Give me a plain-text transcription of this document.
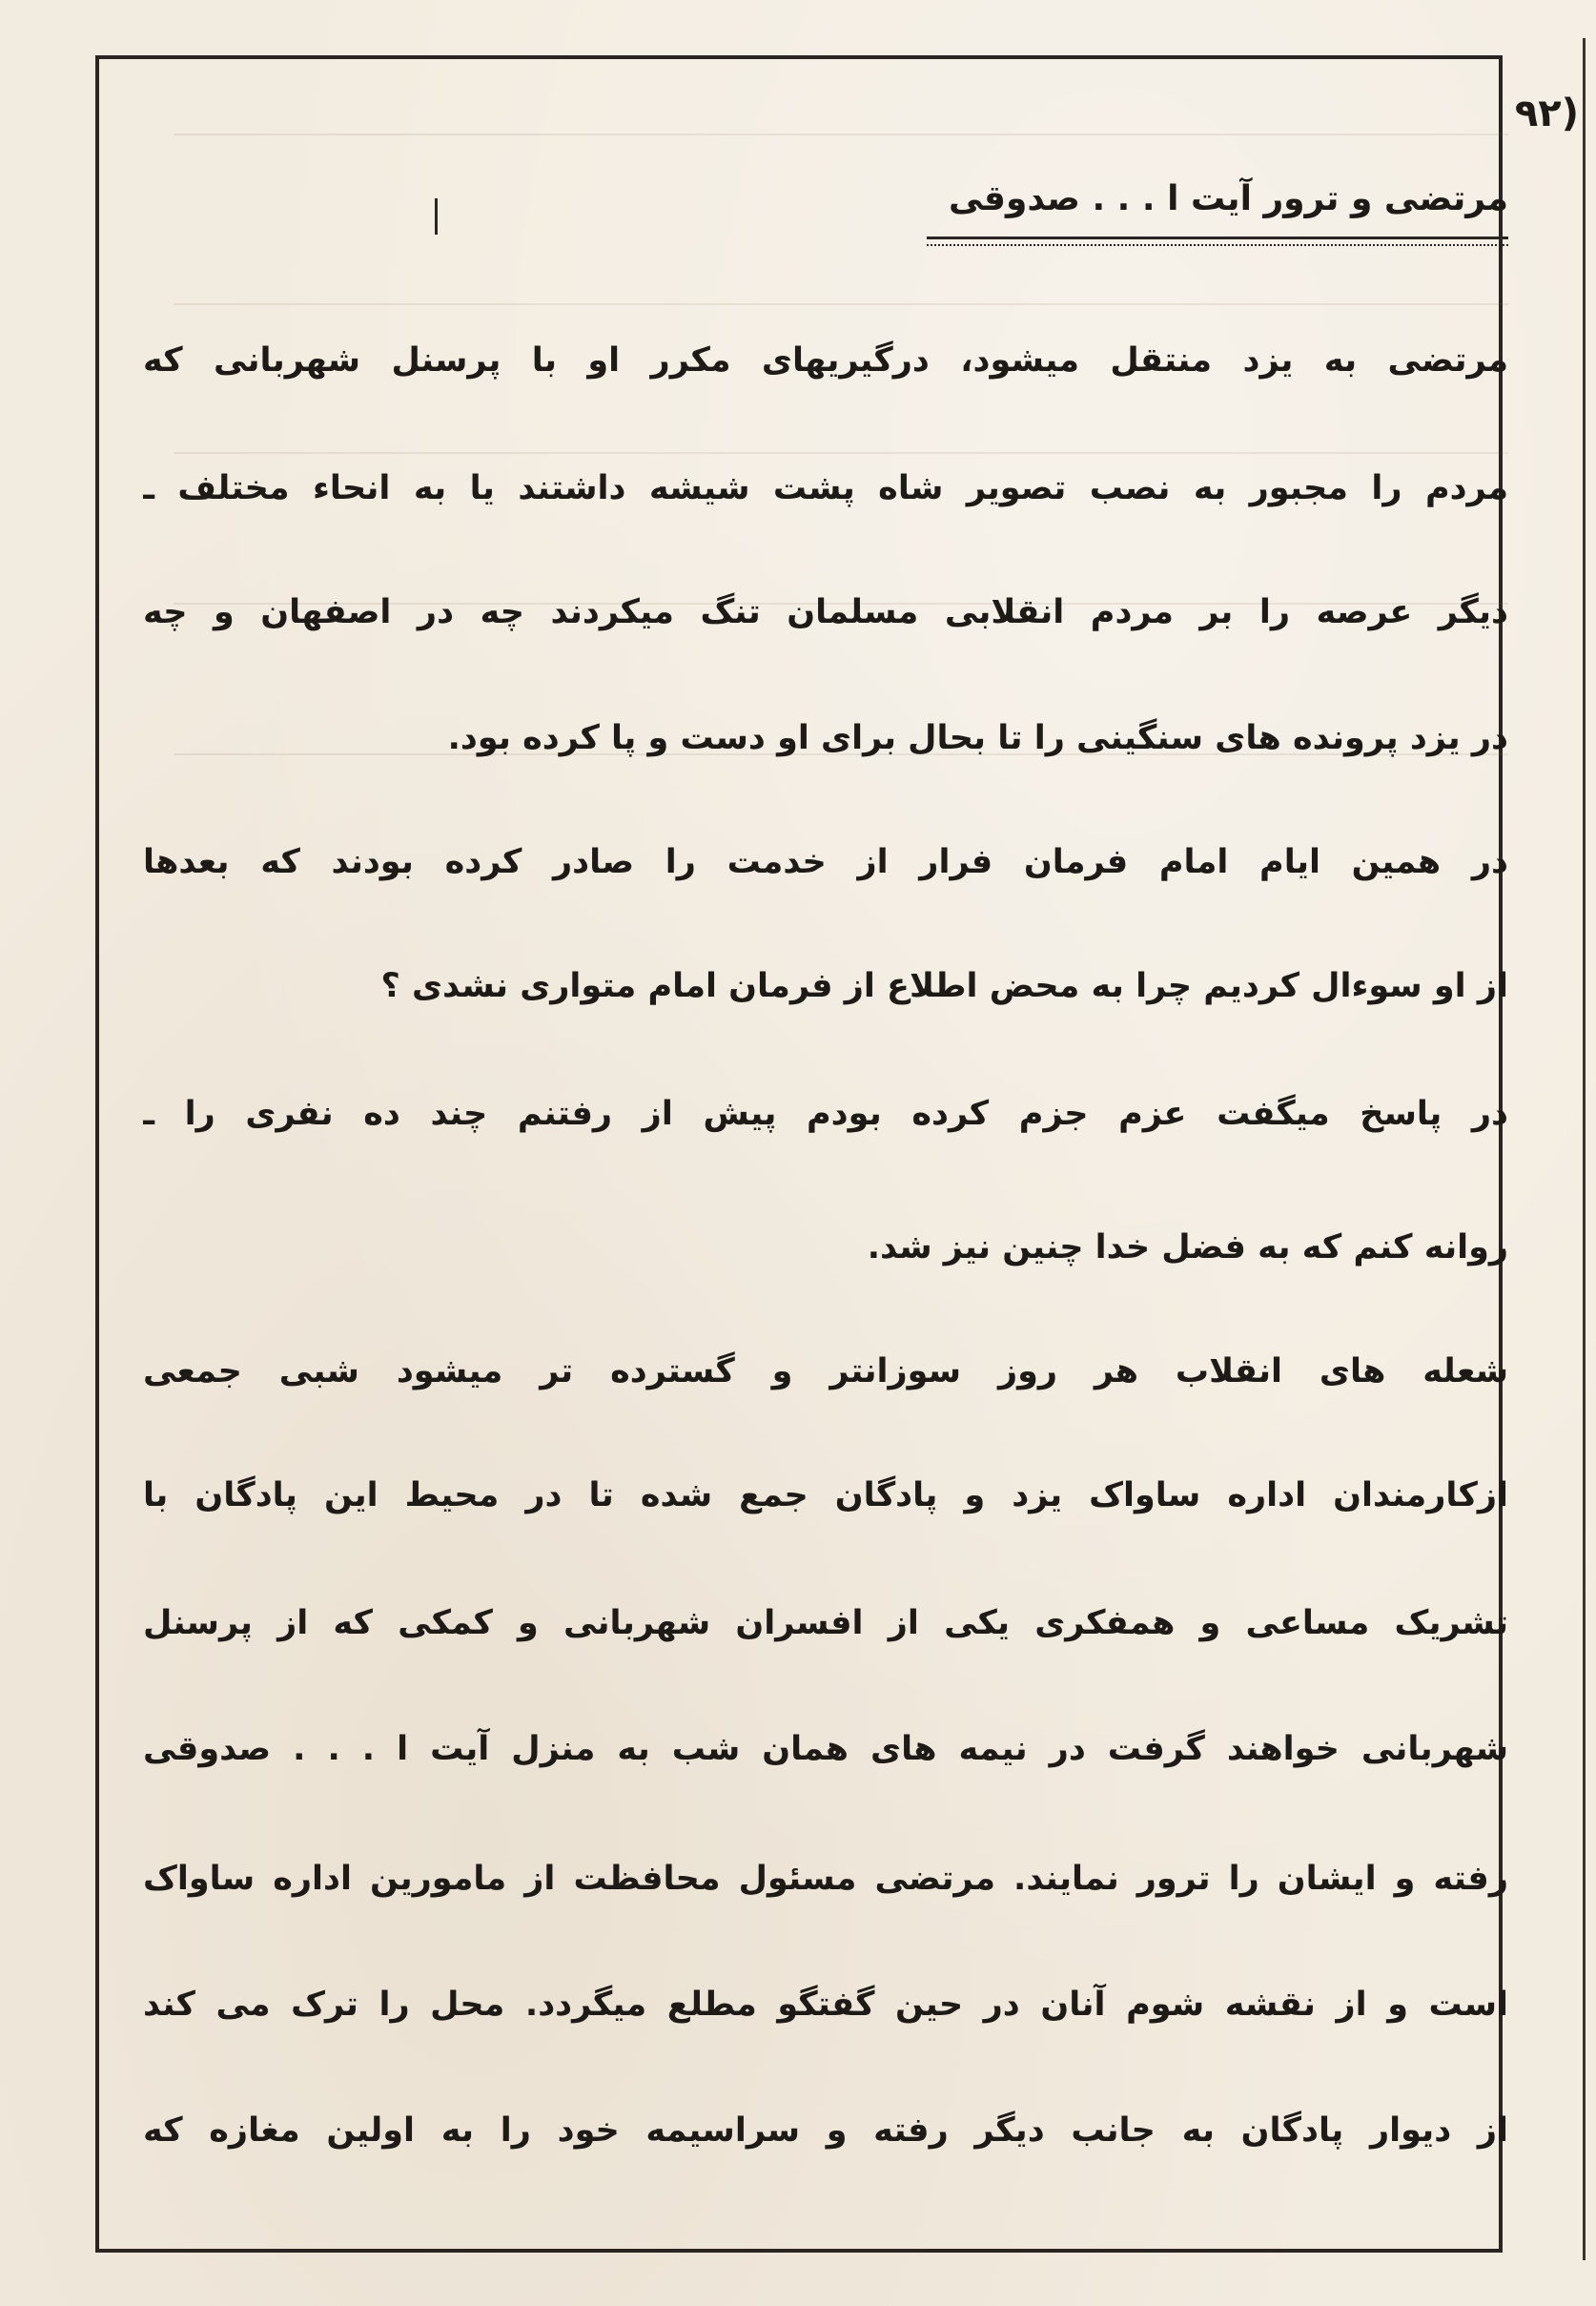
(٩٢
مرتضی و ترور آیت ا . . . صدوقی
مرتضی به یزد منتقل میشود، درگیریهای مکرر او با پرسنل شهربانی که
مردم را مجبور به نصب تصویر شاه پشت شیشه داشتند یا به انحاء مختلف ـ
دیگر عرصه را بر مردم انقلابی مسلمان تنگ میکردند چه در اصفهان و چه
در یزد پرونده های سنگینی را تا بحال برای او دست و پا کرده بود.
در همین ایام امام فرمان فرار از خدمت را صادر کرده بودند که بعدها
از او سوءال کردیم چرا به محض اطلاع از فرمان امام متواری نشدی ؟
در پاسخ میگفت عزم جزم کرده بودم پیش از رفتنم چند ده نفری را ـ
روانه کنم که به فضل خدا چنین نیز شد.
شعله های انقلاب هر روز سوزانتر و گسترده تر میشود شبی جمعی
ازکارمندان اداره ساواک یزد و پادگان جمع شده تا در محیط این پادگان با
تشریک مساعی و همفکری یکی از افسران شهربانی و کمکی که از پرسنل
شهربانی خواهند گرفت در نیمه های همان شب به منزل آیت ا . . . صدوقی
رفته و ایشان را ترور نمایند. مرتضی مسئول محافظت از مامورین اداره ساواک
است و از نقشه شوم آنان در حین گفتگو مطلع میگردد. محل را ترک می کند
از دیوار پادگان به جانب دیگر رفته و سراسیمه خود را به اولین مغازه که
